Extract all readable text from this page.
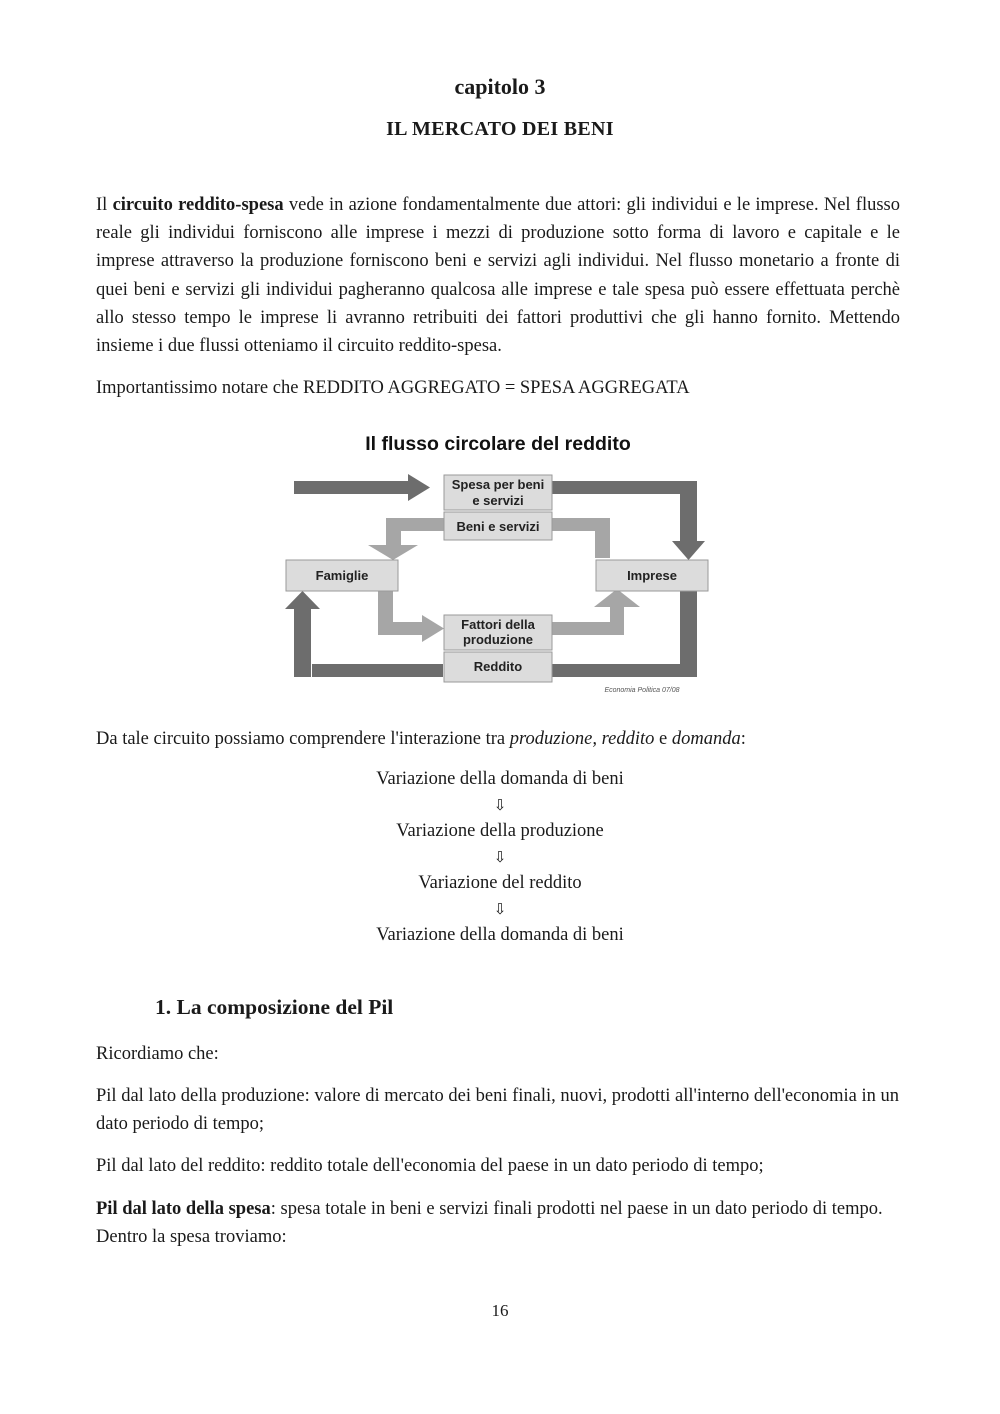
capitolo 3
IL MERCATO DEI BENI

Il circuito reddito-spesa vede in azione fondamentalmente due attori: gli individui e le imprese. Nel flusso reale gli individui forniscono alle imprese i mezzi di produzione sotto forma di lavoro e capitale e le imprese attraverso la produzione forniscono beni e servizi agli individui. Nel flusso monetario a fronte di quei beni e servizi gli individui pagheranno qualcosa alle imprese e tale spesa può essere effettuata perchè allo stesso tempo le imprese li avranno retribuiti dei fattori produttivi che gli hanno fornito. Mettendo insieme i due flussi otteniamo il circuito reddito-spesa.

Importantissimo notare che REDDITO AGGREGATO = SPESA AGGREGATA

Il flusso circolare del reddito
Spesa per beni
e servizi
Beni e servizi
Famiglie	Imprese
Fattori della
produzione
Reddito
Economia Politica 07/08

Da tale circuito possiamo comprendere l'interazione tra produzione, reddito e domanda:

Variazione della domanda di beni
⇩
Variazione della produzione
⇩
Variazione del reddito
⇩
Variazione della domanda di beni
1. La composizione del Pil

Ricordiamo che:

Pil dal lato della produzione: valore di mercato dei beni finali, nuovi, prodotti all'interno dell'economia in un dato periodo di tempo;

Pil dal lato del reddito: reddito totale dell'economia del paese in un dato periodo di tempo;

Pil dal lato della spesa: spesa totale in beni e servizi finali prodotti nel paese in un dato periodo di tempo. Dentro la spesa troviamo:

16
